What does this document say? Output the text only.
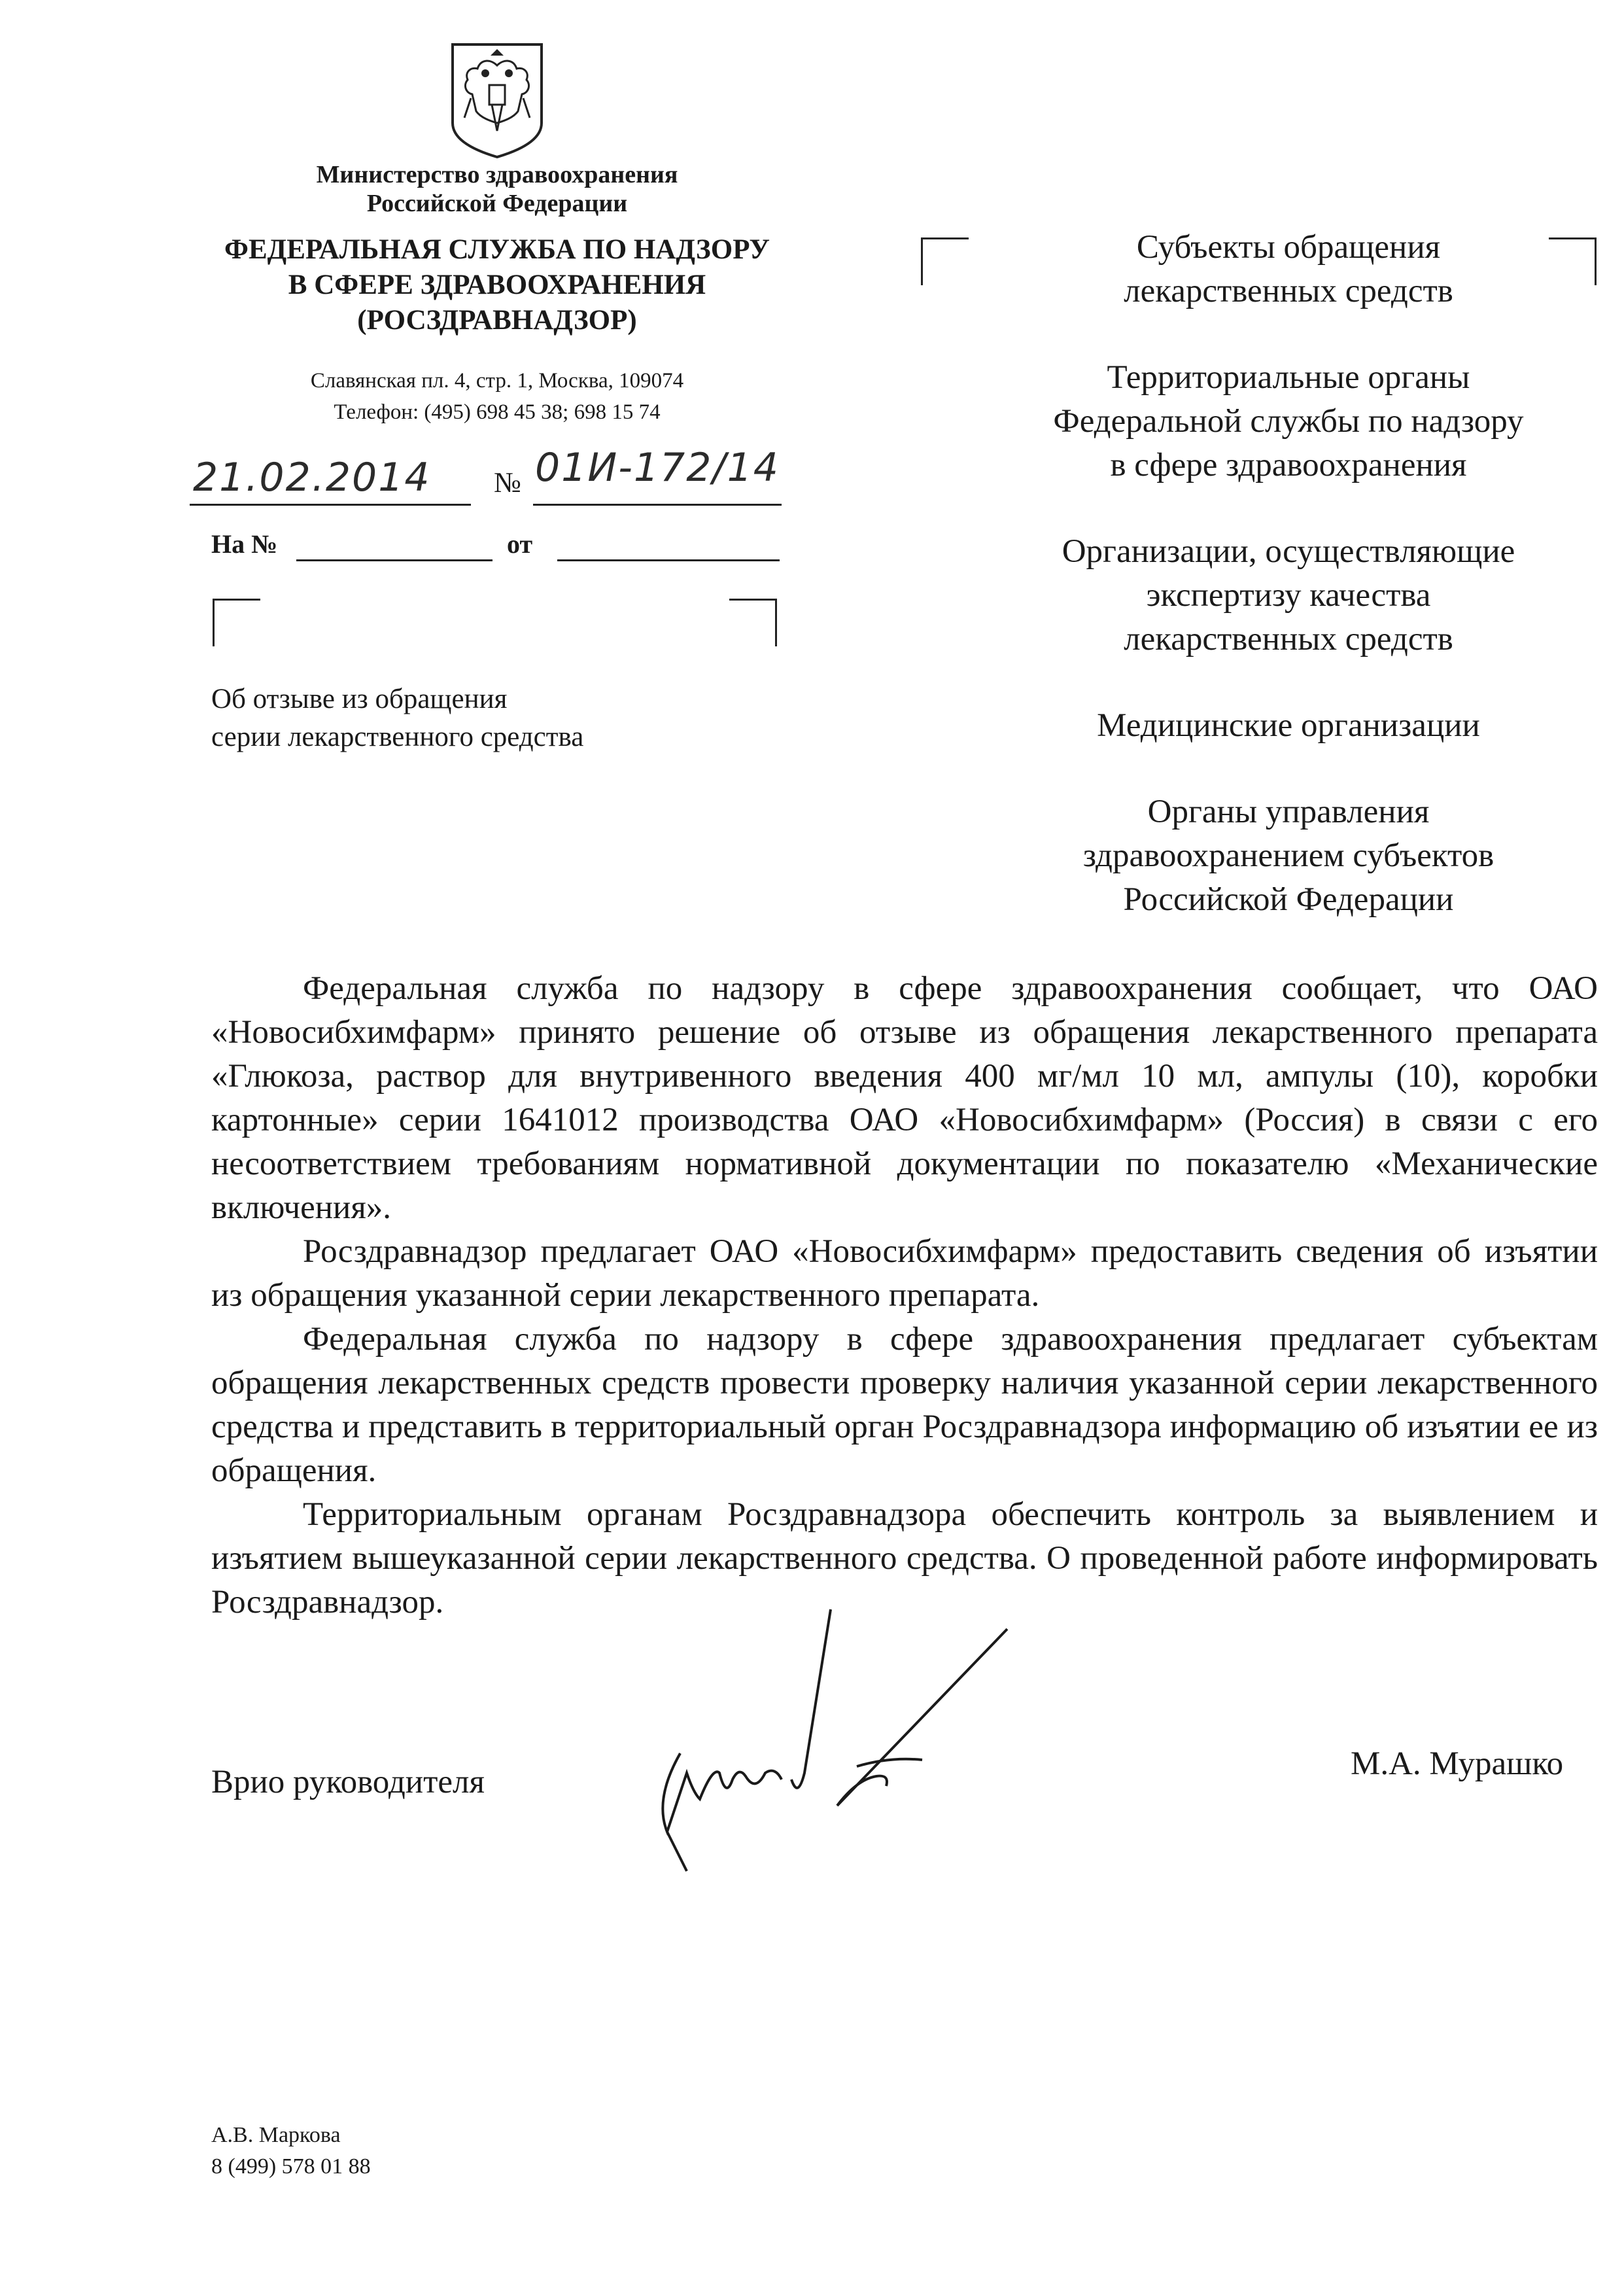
Министерство здравоохранения
Российской Федерации
ФЕДЕРАЛЬНАЯ СЛУЖБА ПО НАДЗОРУ
В СФЕРЕ ЗДРАВООХРАНЕНИЯ
(РОСЗДРАВНАДЗОР)
Славянская пл. 4, стр. 1, Москва, 109074
Телефон: (495) 698 45 38; 698 15 74
21.02.2014 № 01И-172/14
На №	от
Об отзыве из обращения
серии лекарственного средства

Субъекты обращения
лекарственных средств

Территориальные органы
Федеральной службы по надзору
в сфере здравоохранения

Организации, осуществляющие
экспертизу качества
лекарственных средств

Медицинские организации

Органы управления
здравоохранением субъектов
Российской Федерации

Федеральная служба по надзору в сфере здравоохранения сообщает, что ОАО «Новосибхимфарм» принято решение об отзыве из обращения лекарственного препарата «Глюкоза, раствор для внутривенного введения 400 мг/мл 10 мл, ампулы (10), коробки картонные» серии 1641012 производства ОАО «Новосибхимфарм» (Россия) в связи с его несоответствием требованиям нормативной документации по показателю «Механические включения».

Росздравнадзор предлагает ОАО «Новосибхимфарм» предоставить сведения об изъятии из обращения указанной серии лекарственного препарата.

Федеральная служба по надзору в сфере здравоохранения предлагает субъектам обращения лекарственных средств провести проверку наличия указанной серии лекарственного средства и представить в территориальный орган Росздравнадзора информацию об изъятии ее из обращения.

Территориальным органам Росздравнадзора обеспечить контроль за выявлением и изъятием вышеуказанной серии лекарственного средства. О проведенной работе информировать Росздравнадзор.

Врио руководителя	М.А. Мурашко
А.В. Маркова
8 (499) 578 01 88
